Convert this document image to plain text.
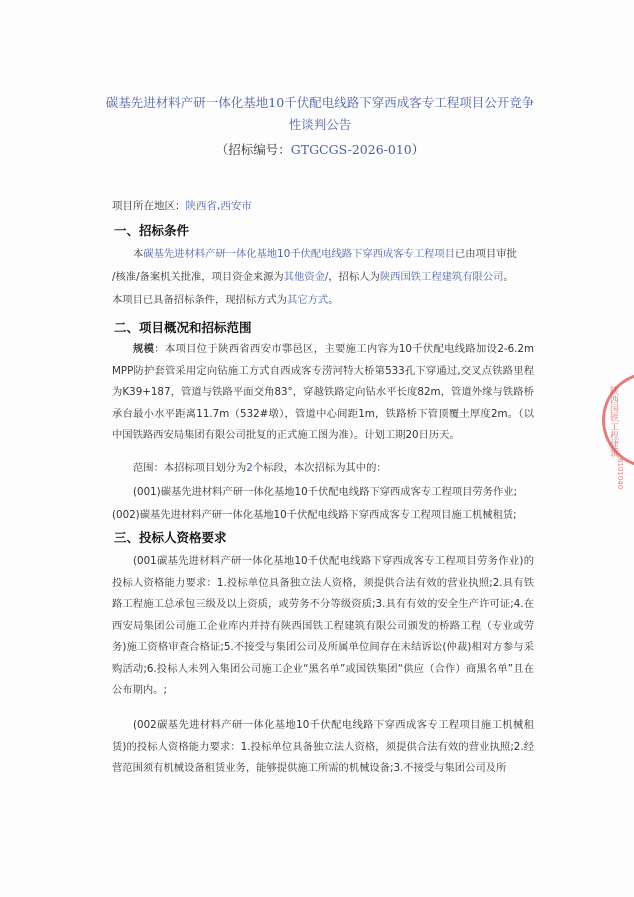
碳基先进材料产研一体化基地10千伏配电线路下穿西成客专工程项目公开竞争性谈判公告
（招标编号：GTGCGS-2026-010）
项目所在地区：陕西省,西安市
一、招标条件
本碳基先进材料产研一体化基地10千伏配电线路下穿西成客专工程项目已由项目审批
/核准/备案机关批准，项目资金来源为其他资金/，招标人为陕西国铁工程建筑有限公司。
本项目已具备招标条件，现招标方式为其它方式。
二、项目概况和招标范围
规模：本项目位于陕西省西安市鄠邑区，主要施工内容为10千伏配电线路加设2-6.2m MPP防护套管采用定向钻施工方式自西成客专涝河特大桥第533孔下穿通过,交叉点铁路里程为K39+187，管道与铁路平面交角83°，穿越铁路定向钻水平长度82m，管道外缘与铁路桥承台最小水平距离11.7m（532#墩），管道中心间距1m，铁路桥下管顶覆土厚度2m。（以中国铁路西安局集团有限公司批复的正式施工图为准）。计划工期20日历天。
范围：本招标项目划分为2个标段，本次招标为其中的：
(001)碳基先进材料产研一体化基地10千伏配电线路下穿西成客专工程项目劳务作业;
(002)碳基先进材料产研一体化基地10千伏配电线路下穿西成客专工程项目施工机械租赁;
三、投标人资格要求
(001碳基先进材料产研一体化基地10千伏配电线路下穿西成客专工程项目劳务作业)的投标人资格能力要求：1.投标单位具备独立法人资格，须提供合法有效的营业执照;2.具有铁路工程施工总承包三级及以上资质，或劳务不分等级资质;3.具有有效的安全生产许可证;4.在西安局集团公司施工企业库内并持有陕西国铁工程建筑有限公司颁发的桥路工程（专业或劳务)施工资格审查合格证;5.不接受与集团公司及所属单位间存在未结诉讼(仲裁)相对方参与采购活动;6.投标人未列入集团公司施工企业“黑名单”或国铁集团“供应（合作）商黑名单”且在公布期内。;
(002碳基先进材料产研一体化基地10千伏配电线路下穿西成客专工程项目施工机械租赁)的投标人资格能力要求：1.投标单位具备独立法人资格，须提供合法有效的营业执照;2.经营范围须有机械设备租赁业务，能够提供施工所需的机械设备;3.不接受与集团公司及所
陕西国铁工程建筑
6101040
